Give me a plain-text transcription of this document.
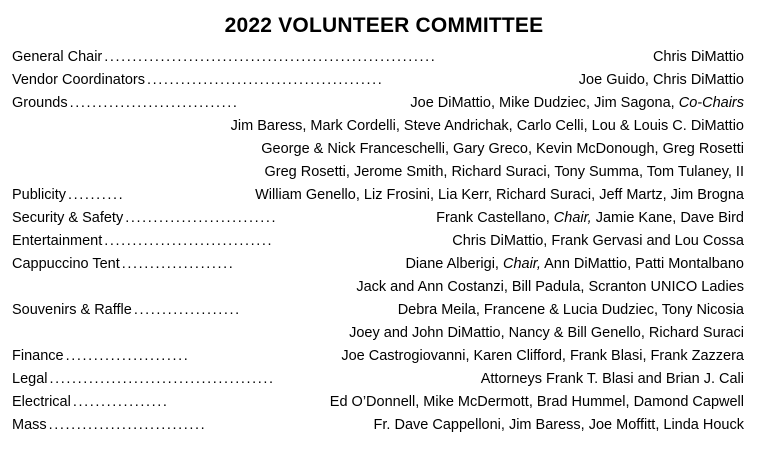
2022 VOLUNTEER COMMITTEE
General Chair ...........................................................	Chris DiMattio
Vendor Coordinators ..........................................	Joe Guido, Chris DiMattio
Grounds ..............................	Joe DiMattio, Mike Dudziec, Jim Sagona, Co-Chairs
Jim Baress, Mark Cordelli, Steve Andrichak, Carlo Celli, Lou & Louis C. DiMattio
George & Nick Franceschelli, Gary Greco, Kevin McDonough, Greg Rosetti
Greg Rosetti, Jerome Smith, Richard Suraci, Tony Summa, Tom Tulaney, II
Publicity ..........	William Genello, Liz Frosini, Lia Kerr, Richard Suraci, Jeff Martz, Jim Brogna
Security & Safety ...........................	Frank Castellano, Chair, Jamie Kane, Dave Bird
Entertainment ..............................	Chris DiMattio, Frank Gervasi and Lou Cossa
Cappuccino Tent ....................	Diane Alberigi, Chair, Ann DiMattio, Patti Montalbano
Jack and Ann Costanzi, Bill Padula, Scranton UNICO Ladies
Souvenirs & Raffle ...................	Debra Meila, Francene & Lucia Dudziec, Tony Nicosia
Joey and John DiMattio, Nancy & Bill Genello, Richard Suraci
Finance ......................	Joe Castrogiovanni, Karen Clifford, Frank Blasi, Frank Zazzera
Legal ........................................	Attorneys Frank T. Blasi and Brian J. Cali
Electrical .................	Ed O’Donnell, Mike McDermott, Brad Hummel, Damond Capwell
Mass ............................	Fr. Dave Cappelloni, Jim Baress, Joe Moffitt, Linda Houck
